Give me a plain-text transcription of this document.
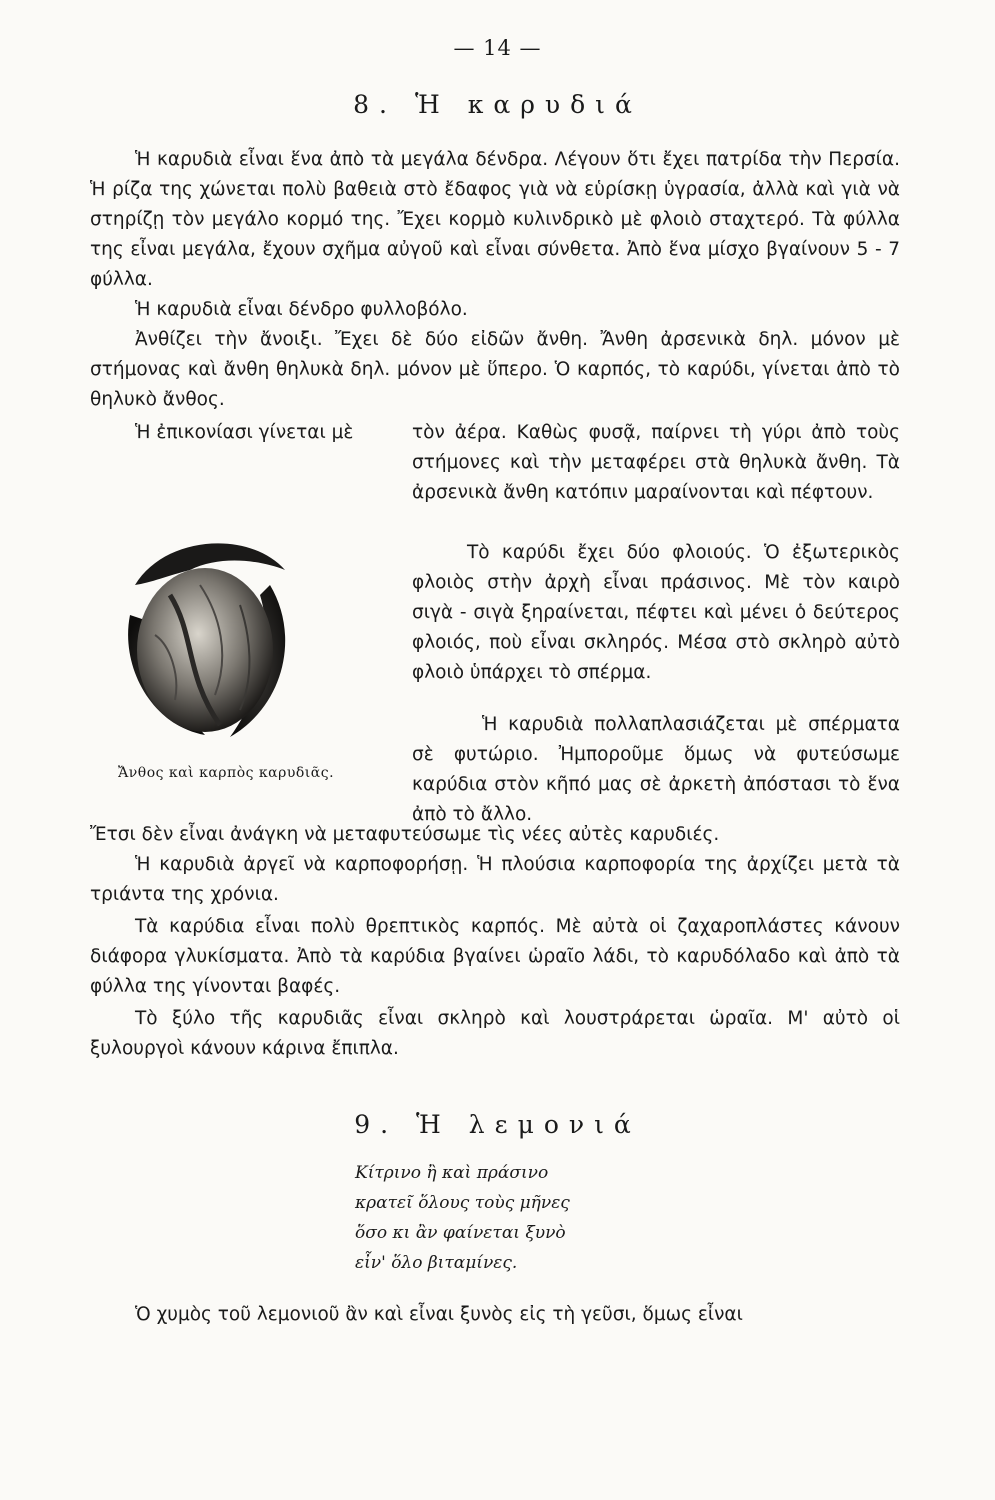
— 14 —
8. Ἡ καρυδιά

Ἡ καρυδιὰ εἶναι ἕνα ἀπὸ τὰ μεγάλα δένδρα. Λέγουν ὅτι ἔχει πατρίδα τὴν Περσία. Ἡ ρίζα της χώνεται πολὺ βαθειὰ στὸ ἔδαφος γιὰ νὰ εὑρίσκῃ ὑγρασία, ἀλλὰ καὶ γιὰ νὰ στηρίζῃ τὸν μεγάλο κορμό της. Ἔχει κορμὸ κυλινδρικὸ μὲ φλοιὸ σταχτερό. Τὰ φύλλα της εἶναι μεγάλα, ἔχουν σχῆμα αὐγοῦ καὶ εἶναι σύνθετα. Ἀπὸ ἕνα μίσχο βγαίνουν 5 - 7 φύλλα.

Ἡ καρυδιὰ εἶναι δένδρο φυλλοβόλο.

Ἀνθίζει τὴν ἄνοιξι. Ἔχει δὲ δύο εἰδῶν ἄνθη. Ἄνθη ἀρσενικὰ δηλ. μόνον μὲ στήμονας καὶ ἄνθη θηλυκὰ δηλ. μόνον μὲ ὕπερο. Ὁ καρπός, τὸ καρύδι, γίνεται ἀπὸ τὸ θηλυκὸ ἄνθος.

Ἡ ἐπικονίασι γίνεται μὲ	τὸν ἀέρα. Καθὼς φυσᾷ, παίρνει τὴ γύρι ἀπὸ τοὺς στήμονες καὶ τὴν μεταφέρει στὰ θηλυκὰ ἄνθη. Τὰ ἀρσενικὰ ἄνθη κατόπιν μαραίνονται καὶ πέφτουν.

Ἄνθος καὶ καρπὸς καρυδιᾶς.

Τὸ καρύδι ἔχει δύο φλοιούς. Ὁ ἐξωτερικὸς φλοιὸς στὴν ἀρχὴ εἶναι πράσινος. Μὲ τὸν καιρὸ σιγὰ - σιγὰ ξηραίνεται, πέφτει καὶ μένει ὁ δεύτερος φλοιός, ποὺ εἶναι σκληρός. Μέσα στὸ σκληρὸ αὐτὸ φλοιὸ ὑπάρχει τὸ σπέρμα.

Ἡ καρυδιὰ πολλαπλασιάζεται μὲ σπέρματα σὲ φυτώριο. Ἠμποροῦμε ὅμως νὰ φυτεύσωμε καρύδια στὸν κῆπό μας σὲ ἀρκετὴ ἀπόστασι τὸ ἕνα ἀπὸ τὸ ἄλλο.

Ἔτσι δὲν εἶναι ἀνάγκη νὰ μεταφυτεύσωμε τὶς νέες αὐτὲς καρυδιές.

Ἡ καρυδιὰ ἀργεῖ νὰ καρποφορήσῃ. Ἡ πλούσια καρποφορία της ἀρχίζει μετὰ τὰ τριάντα της χρόνια.

Τὰ καρύδια εἶναι πολὺ θρεπτικὸς καρπός. Μὲ αὐτὰ οἱ ζαχαροπλάστες κάνουν διάφορα γλυκίσματα. Ἀπὸ τὰ καρύδια βγαίνει ὡραῖο λάδι, τὸ καρυδόλαδο καὶ ἀπὸ τὰ φύλλα της γίνονται βαφές.

Τὸ ξύλο τῆς καρυδιᾶς εἶναι σκληρὸ καὶ λουστράρεται ὡραῖα. Μ' αὐτὸ οἱ ξυλουργοὶ κάνουν κάρινα ἔπιπλα.

9. Ἡ λεμονιά
Κίτρινο ἢ καὶ πράσινο
κρατεῖ ὅλους τοὺς μῆνες
ὅσο κι ἂν φαίνεται ξυνὸ
εἶν' ὅλο βιταμίνες.

Ὁ χυμὸς τοῦ λεμονιοῦ ἂν καὶ εἶναι ξυνὸς εἰς τὴ γεῦσι, ὅμως εἶναι
